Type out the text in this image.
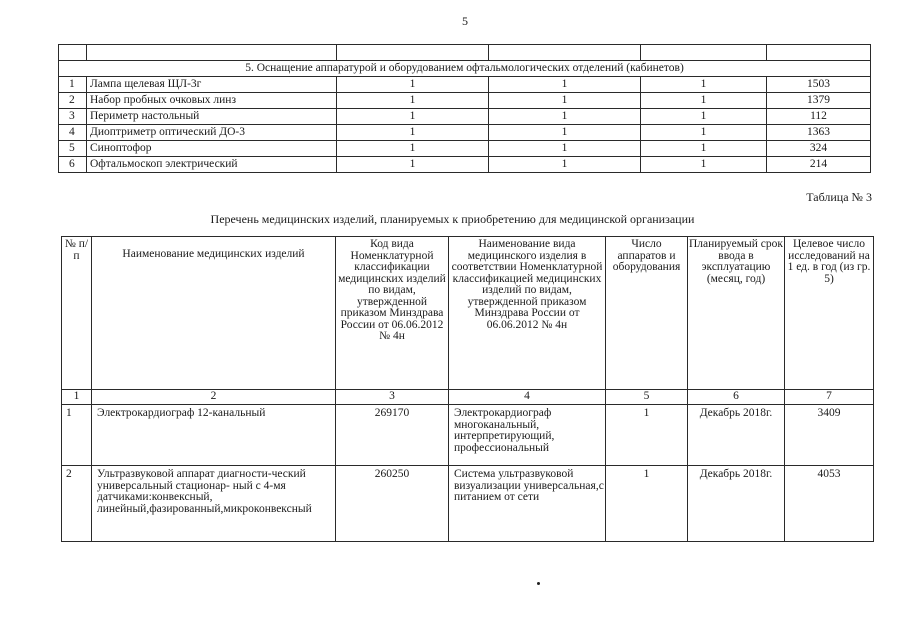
5

5. Оснащение аппаратурой и оборудованием офтальмологических отделений (кабинетов)					
1	Лампа щелевая ЩЛ-3г	1	1	1	1503
2	Набор пробных очковых линз	1	1	1	1379
3	Периметр настольный	1	1	1	112
4	Диоптриметр оптический ДО-3	1	1	1	1363
5	Синоптофор	1	1	1	324
6	Офтальмоскоп электрический	1	1	1	214
Таблица № 3
Перечень медицинских изделий, планируемых к приобретению для медицинской организации
№ п/п	Наименование медицинских изделий	Код вида Номенклатурной классификации медицинских изделий по видам, утвержденной приказом Минздрава России от 06.06.2012 № 4н	Наименование вида медицинского изделия в соответствии Номенклатурной классификацией медицинских изделий по видам, утвержденной приказом Минздрава России от 06.06.2012 № 4н	Число аппаратов и оборудования	Планируемый срок ввода в эксплуатацию (месяц, год)	Целевое число исследований на 1 ед. в год (из гр. 5)
1	2	3	4	5	6	7
1	Электрокардиограф 12-канальный	269170	Электрокардиограф многоканальный, интерпретирующий, профессиональный	1	Декабрь 2018г.	3409
2	Ультразвуковой аппарат диагности-ческий универсальный стационар- ный с 4-мя датчиками:конвексный, линейный,фазированный,микроконвексный	260250	Система ультразвуковой визуализации универсальная,с питанием от сети	1	Декабрь 2018г.	4053
